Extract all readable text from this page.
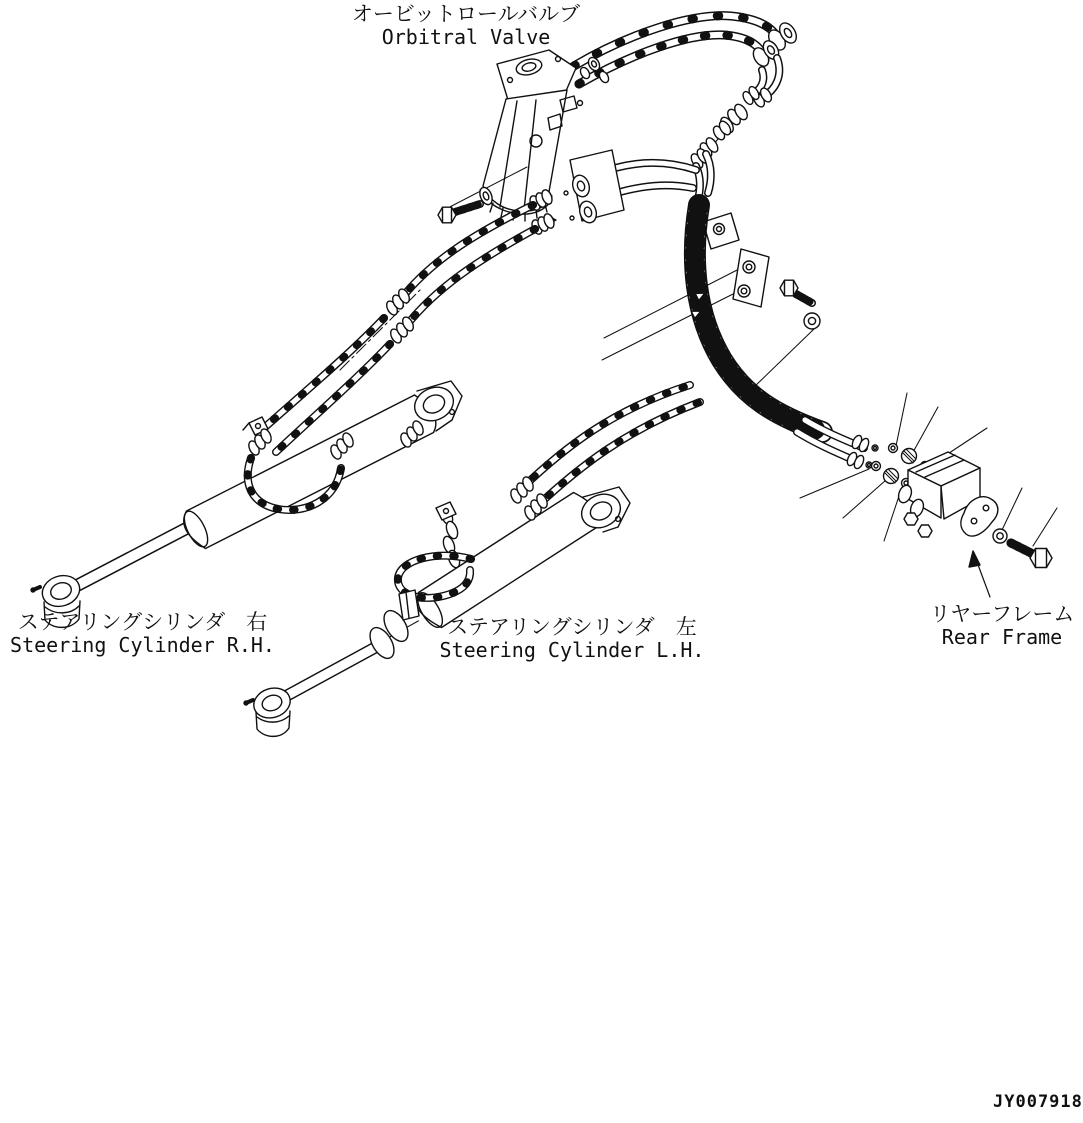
オービットロールバルブ
Orbitral Valve
ステアリングシリンダ　右
Steering Cylinder R.H.
ステアリングシリンダ　左
Steering Cylinder L.H.
リヤーフレーム
Rear Frame
JY007918
